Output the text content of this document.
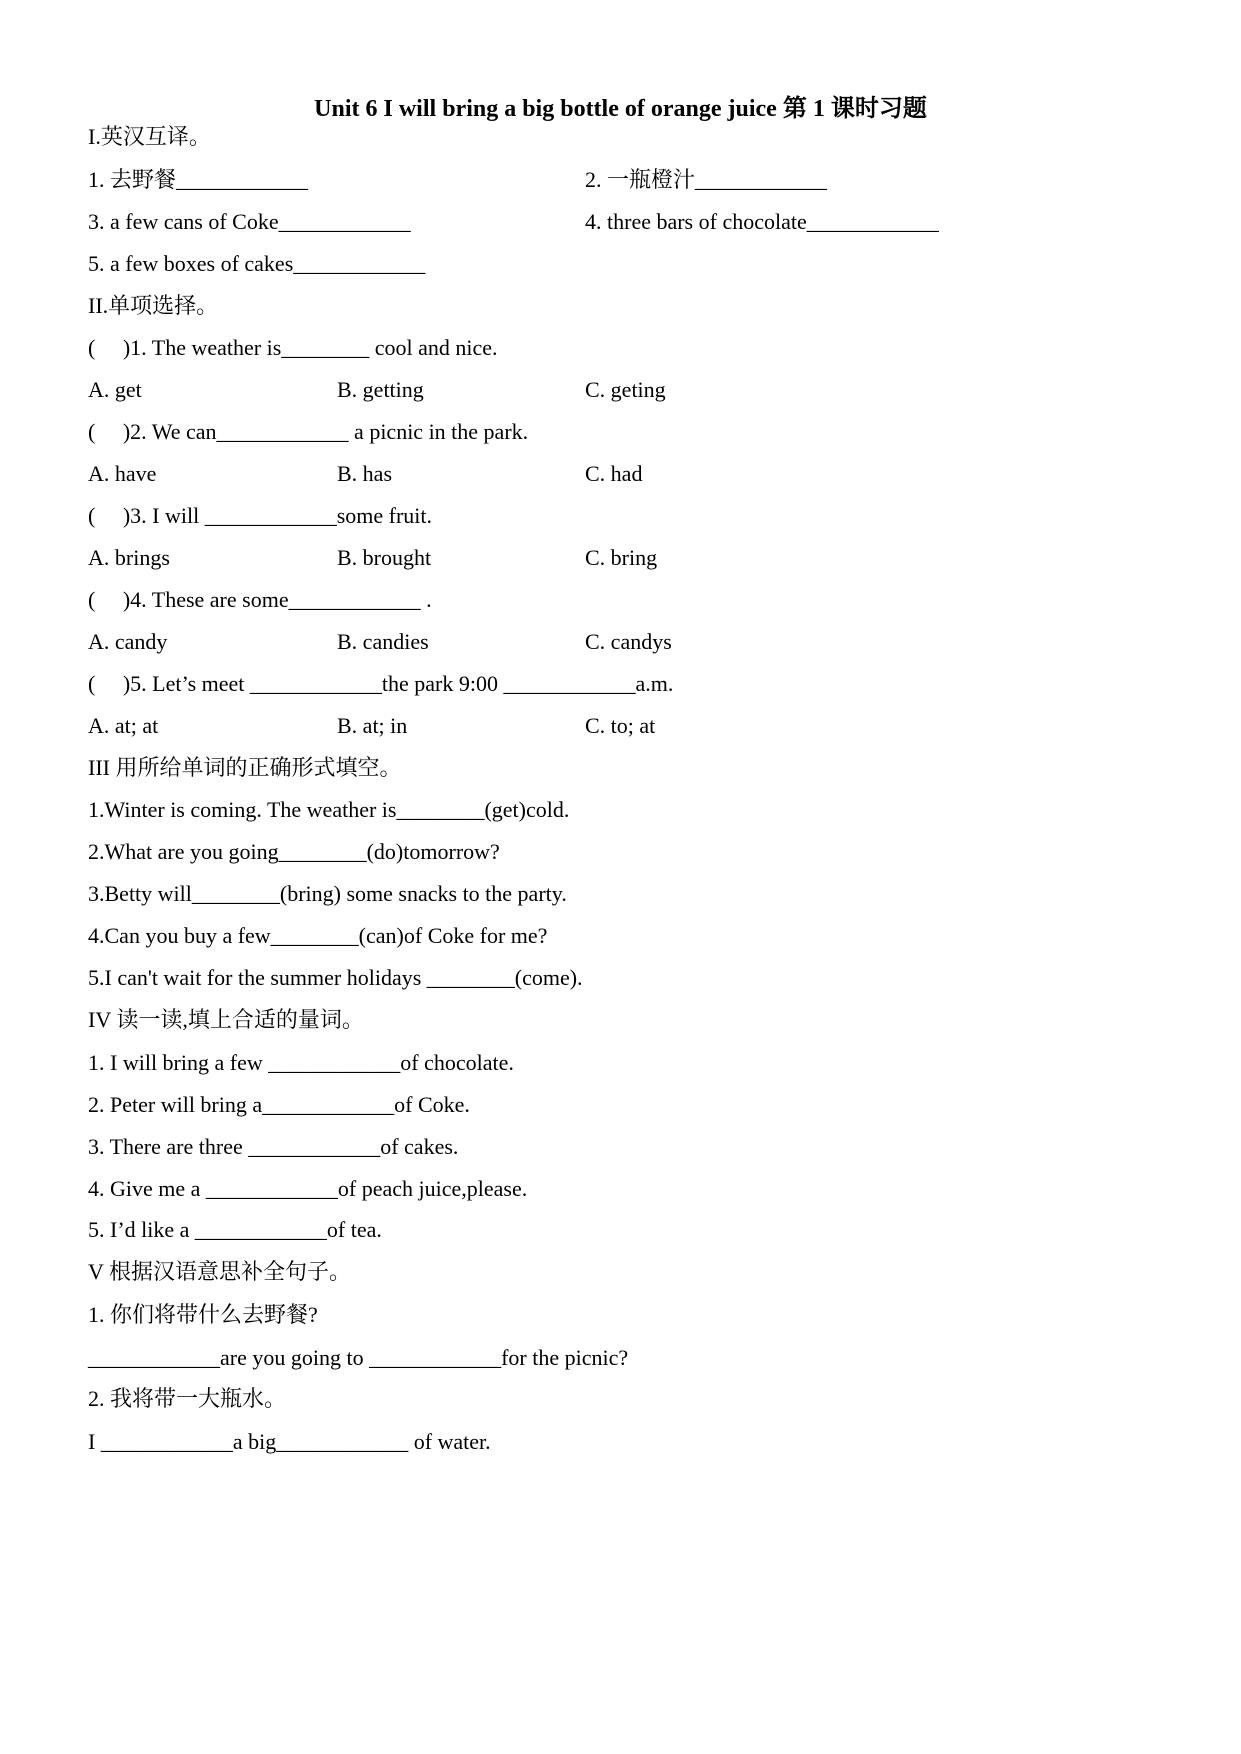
Unit 6 I will bring a big bottle of orange juice 第 1 课时习题
I.英汉互译。
1. 去野餐____________	2. 一瓶橙汁____________
3. a few cans of Coke____________	4. three bars of chocolate____________
5. a few boxes of cakes____________
II.单项选择。
(     )1. The weather is________ cool and nice.
A. get	B. getting	C. geting
(     )2. We can____________ a picnic in the park.
A. have	B. has	C. had
(     )3. I will ____________some fruit.
A. brings	B. brought	C. bring
(     )4. These are some____________ .
A. candy	B. candies	C. candys
(     )5. Let’s meet ____________the park 9:00 ____________a.m.
A. at; at	B. at; in	C. to; at
III 用所给单词的正确形式填空。
1.Winter is coming. The weather is________(get)cold.
2.What are you going________(do)tomorrow?
3.Betty will________(bring) some snacks to the party.
4.Can you buy a few________(can)of Coke for me?
5.I can't wait for the summer holidays ________(come).
IV 读一读,填上合适的量词。
1. I will bring a few ____________of chocolate.
2. Peter will bring a____________of Coke.
3. There are three ____________of cakes.
4. Give me a ____________of peach juice,please.
5. I’d like a ____________of tea.
V 根据汉语意思补全句子。
1. 你们将带什么去野餐?
____________are you going to ____________for the picnic?
2. 我将带一大瓶水。
I ____________a big____________ of water.
